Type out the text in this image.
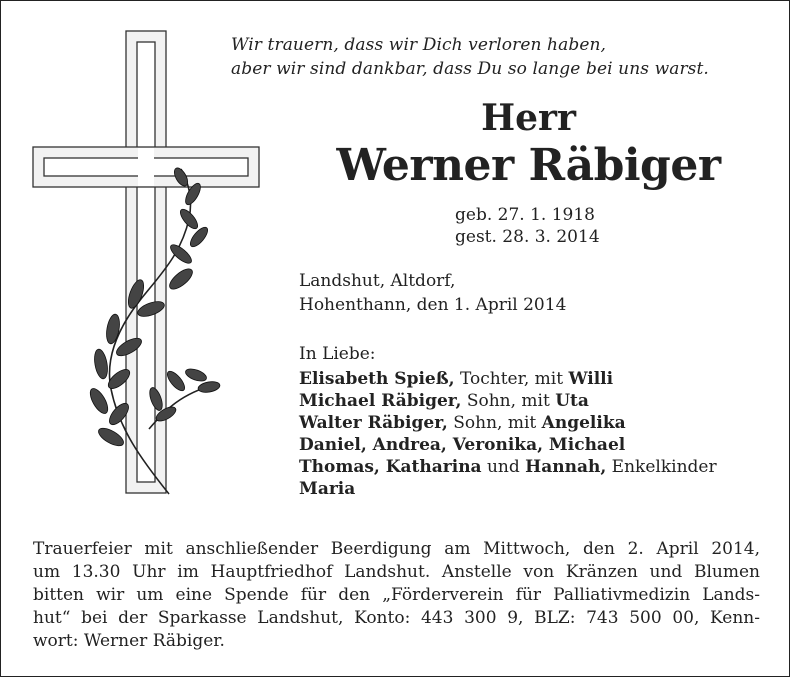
Wir trauern, dass wir Dich verloren haben,
aber wir sind dankbar, dass Du so lange bei uns warst.
Herr
Werner Räbiger
geb. 27. 1. 1918
gest. 28. 3. 2014
Landshut, Altdorf,
Hohenthann, den 1. April 2014
In Liebe:
Elisabeth Spieß, Tochter, mit Willi
Michael Räbiger, Sohn, mit Uta
Walter Räbiger, Sohn, mit Angelika
Daniel, Andrea, Veronika, Michael
Thomas, Katharina und Hannah, Enkelkinder
Maria
Trauerfeier mit anschließender Beerdigung am Mittwoch, den 2. April 2014,
um 13.30 Uhr im Hauptfriedhof Landshut. Anstelle von Kränzen und Blumen
bitten wir um eine Spende für den „Förderverein für Palliativmedizin Lands-
hut“ bei der Sparkasse Landshut, Konto: 443 300 9, BLZ: 743 500 00, Kenn-
wort: Werner Räbiger.
